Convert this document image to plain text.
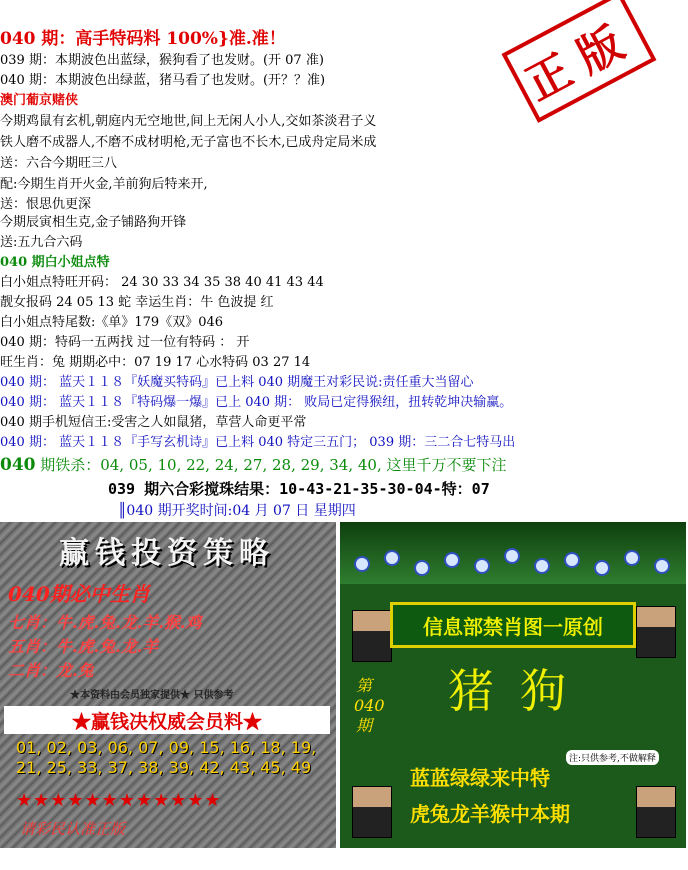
040 期：高手特码料 100%}准.准！	正版
039 期：本期波色出蓝绿，猴狗看了也发财。(开 07 准)
040 期：本期波色出绿蓝，猪马看了也发财。(开？？准)
澳门葡京赌侠
今期鸡鼠有玄机,朝庭内无空地世,间上无闲人小人,交如茶淡君子义
铁人磨不成器人,不磨不成材明枪,无子富也不长木,已成舟定局米成
送：六合今期旺三八
配:今期生肖开火金,羊前狗后特来开,
送：恨思仇更深
今期辰寅相生克,金子铺路狗开锋
送:五九合六码
040 期白小姐点特
白小姐点特旺开码： 24 30 33 34 35 38 40 41 43 44
靓女报码 24 05 13 蛇 幸运生肖：牛 色波提 红
白小姐点特尾数:《单》179《双》046
040 期：特码一五两找 过一位有特码 ： 开
旺生肖：兔 期期必中：07 19 17 心水特码 03 27 14
040 期： 蓝天１１８『妖魔买特码』已上料 040 期魔王对彩民说:责任重大当留心
040 期： 蓝天１１８『特码爆一爆』已上 040 期： 败局已定得猴纽，扭转乾坤决输赢。
040 期手机短信王:受害之人如鼠猪，草营人命更平常
040 期： 蓝天１１８『手写玄机诗』已上料 040 特定三五门； 039 期：三二合七特马出
040 期铁杀：04, 05, 10, 22, 24, 27, 28, 29, 34, 40, 这里千万不要下注
039 期六合彩搅珠结果：10-43-21-35-30-04-特：07
║040 期开奖时间:04 月 07 日 星期四
赢钱投资策略
040期必中生肖
七肖：牛.虎.兔.龙.羊.猴.鸡
五肖：牛.虎.兔.龙.羊
二肖：龙.兔
★本资料由会员独家提供★ 只供参考
★赢钱决权威会员料★
01, 02, 03, 06, 07, 09, 15, 16, 18, 19, 21, 25, 33, 37, 38, 39, 42, 43, 45, 49
★★★★★★★★★★★★
请彩民认准正版
信息部禁肖图一原创
第040期
猪狗
注:只供参考,不做解释
蓝蓝绿绿来中特
虎兔龙羊猴中本期
